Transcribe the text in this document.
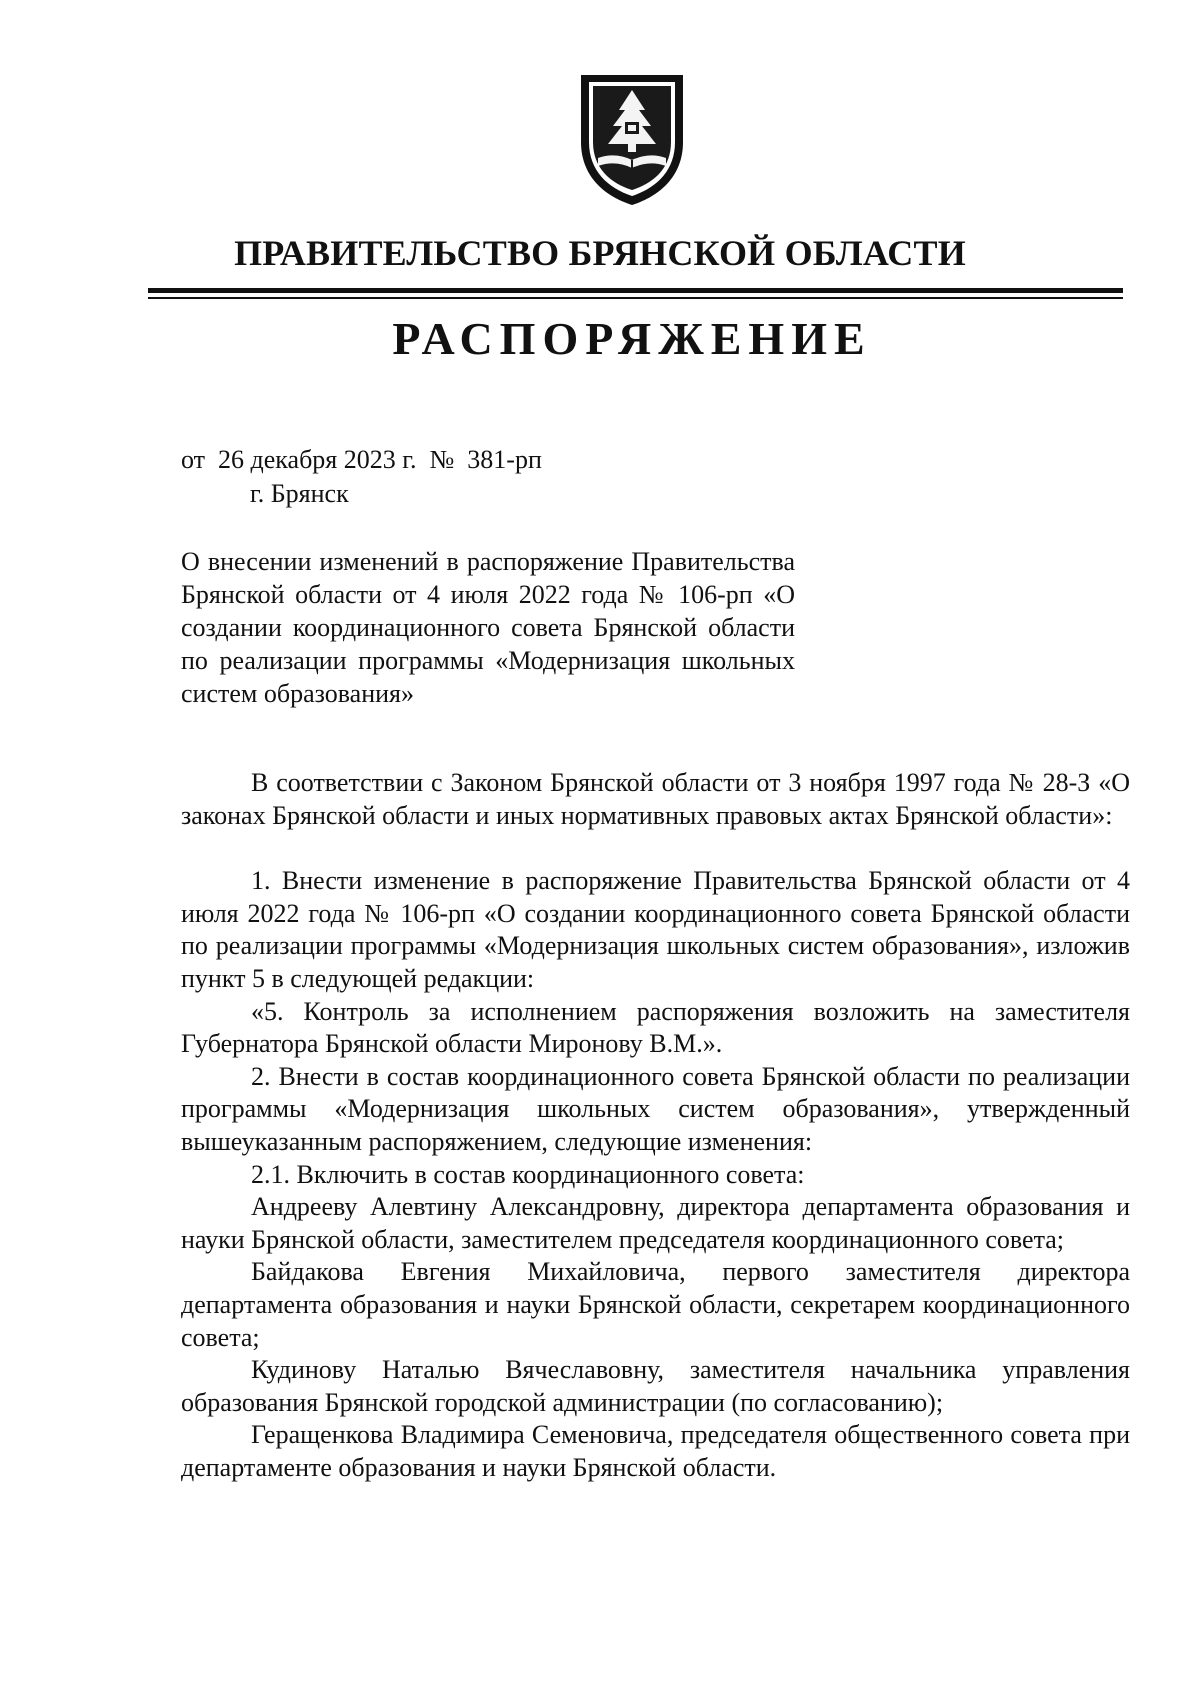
ПРАВИТЕЛЬСТВО БРЯНСКОЙ ОБЛАСТИ
РАСПОРЯЖЕНИЕ
от  26 декабря 2023 г.  №  381-рп
г. Брянск

О внесении изменений в распоряжение Правительства Брянской области от 4 июля 2022 года № 106-рп «О создании координационного совета Брянской области по реализации программы «Модернизация школьных систем образования»

В соответствии с Законом Брянской области от 3 ноября 1997 года № 28-З «О законах Брянской области и иных нормативных правовых актах Брянской области»:

1. Внести изменение в распоряжение Правительства Брянской области от 4 июля 2022 года № 106-рп «О создании координационного совета Брянской области по реализации программы «Модернизация школьных систем образования», изложив пункт 5 в следующей редакции:

«5. Контроль за исполнением распоряжения возложить на заместителя Губернатора Брянской области Миронову В.М.».

2. Внести в состав координационного совета Брянской области по реализации программы «Модернизация школьных систем образования», утвержденный вышеуказанным распоряжением, следующие изменения:

2.1. Включить в состав координационного совета:

Андрееву Алевтину Александровну, директора департамента образования и науки Брянской области, заместителем председателя координационного совета;

Байдакова Евгения Михайловича, первого заместителя директора департамента образования и науки Брянской области, секретарем координационного совета;

Кудинову Наталью Вячеславовну, заместителя начальника управления образования Брянской городской администрации (по согласованию);

Геращенкова Владимира Семеновича, председателя общественного совета при департаменте образования и науки Брянской области.
